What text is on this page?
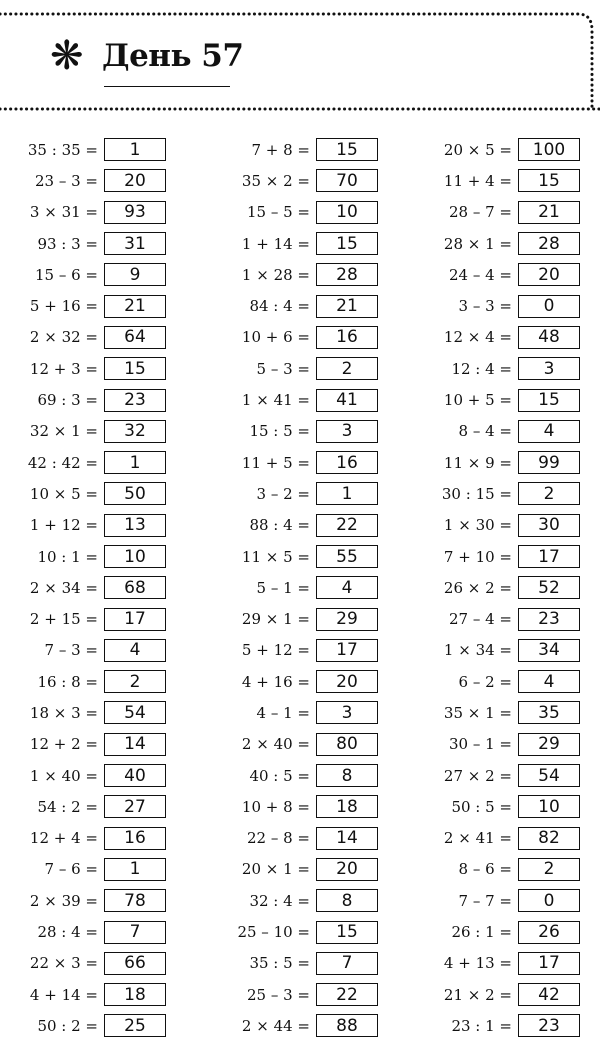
❋ День 57
35 : 35 =	1
23 – 3 =	20
3 × 31 =	93
93 : 3 =	31
15 – 6 =	9
5 + 16 =	21
2 × 32 =	64
12 + 3 =	15
69 : 3 =	23
32 × 1 =	32
42 : 42 =	1
10 × 5 =	50
1 + 12 =	13
10 : 1 =	10
2 × 34 =	68
2 + 15 =	17
7 – 3 =	4
16 : 8 =	2
18 × 3 =	54
12 + 2 =	14
1 × 40 =	40
54 : 2 =	27
12 + 4 =	16
7 – 6 =	1
2 × 39 =	78
28 : 4 =	7
22 × 3 =	66
4 + 14 =	18
50 : 2 =	25
7 + 8 =	15
35 × 2 =	70
15 – 5 =	10
1 + 14 =	15
1 × 28 =	28
84 : 4 =	21
10 + 6 =	16
5 – 3 =	2
1 × 41 =	41
15 : 5 =	3
11 + 5 =	16
3 – 2 =	1
88 : 4 =	22
11 × 5 =	55
5 – 1 =	4
29 × 1 =	29
5 + 12 =	17
4 + 16 =	20
4 – 1 =	3
2 × 40 =	80
40 : 5 =	8
10 + 8 =	18
22 – 8 =	14
20 × 1 =	20
32 : 4 =	8
25 – 10 =	15
35 : 5 =	7
25 – 3 =	22
2 × 44 =	88
20 × 5 =	100
11 + 4 =	15
28 – 7 =	21
28 × 1 =	28
24 – 4 =	20
3 – 3 =	0
12 × 4 =	48
12 : 4 =	3
10 + 5 =	15
8 – 4 =	4
11 × 9 =	99
30 : 15 =	2
1 × 30 =	30
7 + 10 =	17
26 × 2 =	52
27 – 4 =	23
1 × 34 =	34
6 – 2 =	4
35 × 1 =	35
30 – 1 =	29
27 × 2 =	54
50 : 5 =	10
2 × 41 =	82
8 – 6 =	2
7 – 7 =	0
26 : 1 =	26
4 + 13 =	17
21 × 2 =	42
23 : 1 =	23
